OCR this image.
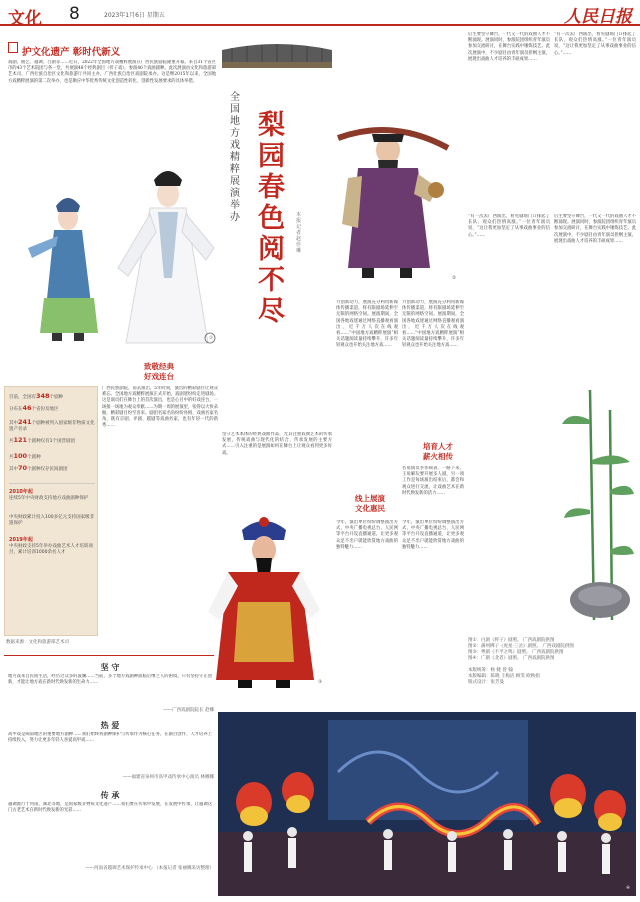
文化 8	2023年1月6日 星期五	人民日报
护文化遗产 彰时代新义
戏剧、曲艺、越调、吕剧等……近日，2022年全国地方戏精粹展演在广西民族剧院隆重开幕。来自31个省区市的43个艺术院团与各一堂，共展演48个经典剧目（折子戏），参演46个戏曲剧种。此次展演由文化和旅游部艺术司、广西壮族自治区文化和旅游厅共同主办，广西壮族自治区戏剧院承办。这是继2015年以来，全国地方戏精粹展演的第二次举办，也是顺应中华优秀传统文化创造性转化、创新性发展要求的具体举措。
①
全国地方戏精粹展演举办
梨园春色阅不尽
本报记者 赵佳琳
后生要坚守舞台，一代又一代的戏曲人才不断涌现。展演同时，参演院团组织青年演员参加交流研讨，在舞台实践中锤炼技艺。此次展演中，不少剧目由青年演员担纲主演，展现出戏曲人才培养的丰硕成果……
“有一次去广西演出，看见剧场门口排起了长队，观众们热情高涨。”一位青年演员说，“这让我更加坚定了从事戏曲事业的信心。”……
“有一次去广西演出，看见剧场门口排起了长队，观众们热情高涨。”一位青年演员说，“这让我更加坚定了从事戏曲事业的信心。”……
后生要坚守舞台，一代又一代的戏曲人才不断涌现。展演同时，参演院团组织青年演员参加交流研讨，在舞台实践中锤炼技艺。此次展演中，不少剧目由青年演员担纲主演，展现出戏曲人才培养的丰硕成果……
致敬经典
好戏连台
目前，全国有348个剧种
分布在46个省份及地区
其中241个剧种被列入国家级非物质文化遗产名录
共121个剧种仅有1个国营剧团
共100个剧种
其中70个剧种仅存民间剧团
2010年起
连续5年中央财政支持地方戏曲剧种保护
中央财政累计投入100多亿元支持国家级非遗保护
2019年起
中央财政支持5年举办戏曲艺术人才培训项目，累计培训1000余名人才
数据来源：文化和旅游部艺术司
广西民族剧院，前去演出，5年时间，演出的精彩剧目让观众难忘。全国地方戏精粹展演正式开始，戏剧迷纷纷走进剧场。这是演员们在舞台上的首次演出，也是心目中的好戏连台，一场接一场地为观众奉献……为期一周的展演里，张得以大快朵颐，精彩剧目纷至沓来。剧团名家名角纷纷亮相，戏曲名家名角，既有京剧、评剧、越剧等戏曲名家，也有年轻一代的新秀……
坚守艺术本体的经典戏曲作品，尤其注重戏曲艺术的传承发展，传统戏曲与现代化的结合、传承发展的主要方式……引入注重的是展演如何在舞台上让观众看到更多好戏。
力创新动力，展演充分利用新媒体传播渠道，将有限剧场延伸至无限的网络空间。展演期间，全国各地戏迷通过网络直播观看演出，近千万人次在线观看……“中国地方戏精粹展演”相关话题阅读量持续攀升，许多年轻观众也开始关注地方戏……
力创新动力，展演充分利用新媒体传播渠道，将有限剧场延伸至无限的网络空间。展演期间，全国各地戏迷通过网络直播观看演出，近千万人次在线观看……“中国地方戏精粹展演”相关话题阅读量持续攀升，许多年轻观众也开始关注地方戏……
线上展演
文化惠民
今年，演出单位纷纷调整演出方式，中央广播电视总台、人民网等平台开设直播通道，让更多观众足不出户就能欣赏地方戏曲的独特魅力……
今年，演出单位纷纷调整演出方式，中央广播电视总台、人民网等平台开设直播通道，让更多观众足不出户就能欣赏地方戏曲的独特魅力……
培育人才
薪火相传
名角演员李伟频表，一路下来，王角解玩要开展多人剧，另一项工作是每场演出结束后，都会和观众进行交流，让戏曲艺术在新时代焕发新的活力……
图①：白剧《将子》剧照。 广西戏剧院供图
图②：蒲州梆子《虎星·三岔》剧照。 广西戏剧院供图
图③：粤剧《不平之鸣》剧照。 广西戏剧院供图
图④：广剧《北者》剧照。 广西戏剧院供图
本版统筹：杨 婕 曾 翰
本版编辑：陈晓 王梅洁 顾雯 欧秋娟
版式设计：张芳曼
坚 守
地方戏来自民间生活，经历过众多的波澜……当前，多个地方戏剧种面临后继乏人的困境。只有坚持守正创新，才能让地方戏在新时代焕发新的生命力……
——广西戏剧院院长 赵娜
热 爱
高甲戏是闽南地区的重要地方剧种……我们始终将剧种保护与传承作为核心任务，在剧目创作、人才培养上持续投入，努力让更多年轻人喜爱高甲戏……
——福建省泉州市高甲戏传承中心演员 林娜娜
传 承
越调流行于河南、湖北等地，是国家级非物质文化遗产……我们要在传承中发展、在发展中传承，让越调这门古老艺术在新时代焕发新的光彩……
——河南省越调艺术保护传承中心 （本报记者 张丽娜采访整理）
④
②
③
